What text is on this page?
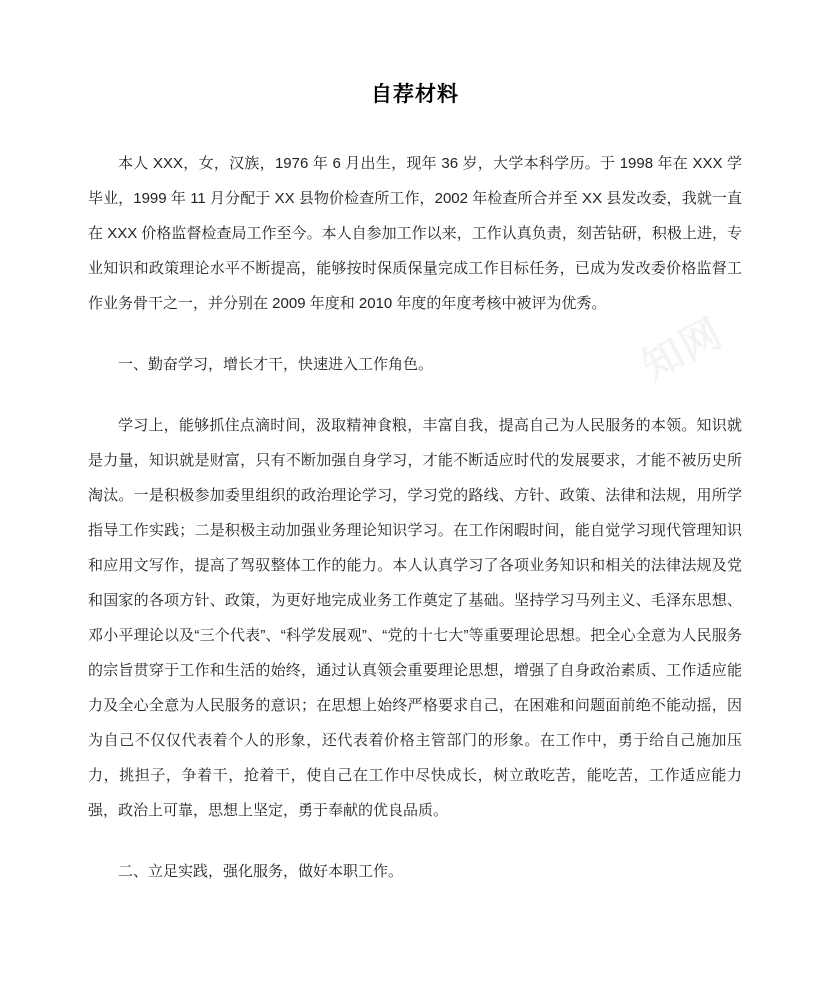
自荐材料

本人 XXX，女，汉族，1976 年 6 月出生，现年 36 岁，大学本科学历。于 1998 年在 XXX 学毕业，1999 年 11 月分配于 XX 县物价检查所工作，2002 年检查所合并至 XX 县发改委，我就一直在 XXX 价格监督检查局工作至今。本人自参加工作以来，工作认真负责，刻苦钻研，积极上进，专业知识和政策理论水平不断提高，能够按时保质保量完成工作目标任务，已成为发改委价格监督工作业务骨干之一，并分别在 2009 年度和 2010 年度的年度考核中被评为优秀。

一、勤奋学习，增长才干，快速进入工作角色。

学习上，能够抓住点滴时间，汲取精神食粮，丰富自我，提高自己为人民服务的本领。知识就是力量，知识就是财富，只有不断加强自身学习，才能不断适应时代的发展要求，才能不被历史所淘汰。一是积极参加委里组织的政治理论学习，学习党的路线、方针、政策、法律和法规，用所学指导工作实践；二是积极主动加强业务理论知识学习。在工作闲暇时间，能自觉学习现代管理知识和应用文写作，提高了驾驭整体工作的能力。本人认真学习了各项业务知识和相关的法律法规及党和国家的各项方针、政策，为更好地完成业务工作奠定了基础。坚持学习马列主义、毛泽东思想、邓小平理论以及“三个代表”、“科学发展观”、“党的十七大”等重要理论思想。把全心全意为人民服务的宗旨贯穿于工作和生活的始终，通过认真领会重要理论思想，增强了自身政治素质、工作适应能力及全心全意为人民服务的意识；在思想上始终严格要求自己，在困难和问题面前绝不能动摇，因为自己不仅仅代表着个人的形象，还代表着价格主管部门的形象。在工作中，勇于给自己施加压力，挑担子，争着干，抢着干，使自己在工作中尽快成长，树立敢吃苦，能吃苦，工作适应能力强，政治上可靠，思想上坚定，勇于奉献的优良品质。

二、立足实践，强化服务，做好本职工作。
